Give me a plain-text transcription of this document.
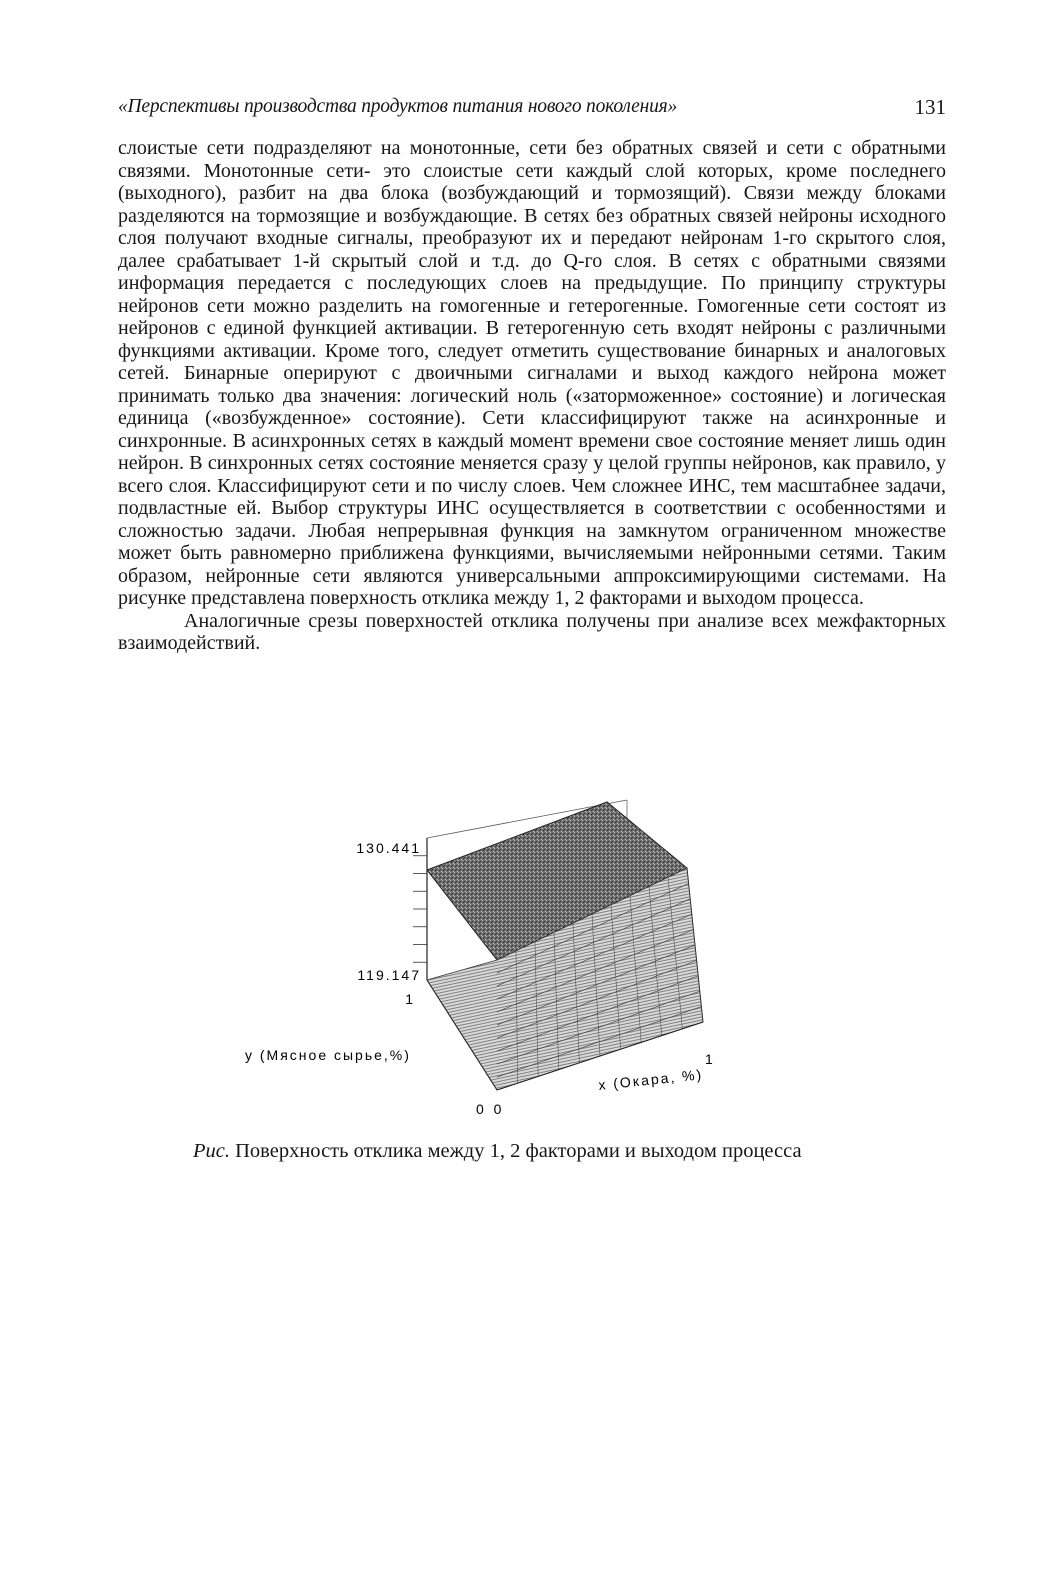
«Перспективы производства продуктов питания нового поколения»	131

слоистые сети подразделяют на монотонные, сети без обратных связей и сети с обратными связями. Монотонные сети- это слоистые сети каждый слой которых, кроме последнего (выходного), разбит на два блока (возбуждающий и тормозящий). Связи между блоками разделяются на тормозящие и возбуждающие. В сетях без обратных связей нейроны исходного слоя получают входные сигналы, преобразуют их и передают нейронам 1-го скрытого слоя, далее срабатывает 1-й скрытый слой и т.д. до Q-го слоя. В сетях с обратными связями информация передается с последующих слоев на предыдущие. По принципу структуры нейронов сети можно разделить на гомогенные и гетерогенные. Гомогенные сети состоят из нейронов с единой функцией активации. В гетерогенную сеть входят нейроны с различными функциями активации. Кроме того, следует отметить существование бинарных и аналоговых сетей. Бинарные оперируют с двоичными сигналами и выход каждого нейрона может принимать только два значения: логический ноль («заторможенное» состояние) и логическая единица («возбужденное» состояние). Сети классифицируют также на асинхронные и синхронные. В асинхронных сетях в каждый момент времени свое состояние меняет лишь один нейрон. В синхронных сетях состояние меняется сразу у целой группы нейронов, как правило, у всего слоя. Классифицируют сети и по числу слоев. Чем сложнее ИНС, тем масштабнее задачи, подвластные ей. Выбор структуры ИНС осуществляется в соответствии с особенностями и сложностью задачи. Любая непрерывная функция на замкнутом ограниченном множестве может быть равномерно приближена функциями, вычисляемыми нейронными сетями. Таким образом, нейронные сети являются универсальными аппроксимирующими системами. На рисунке представлена поверхность отклика между 1, 2 факторами и выходом процесса.

Аналогичные срезы поверхностей отклика получены при анализе всех межфакторных взаимодействий.

130.441
119.147
1
y (Мясное сырье,%)	1
x (Окара, %)
0 0
Рис. Поверхность отклика между 1, 2 факторами и выходом процесса
